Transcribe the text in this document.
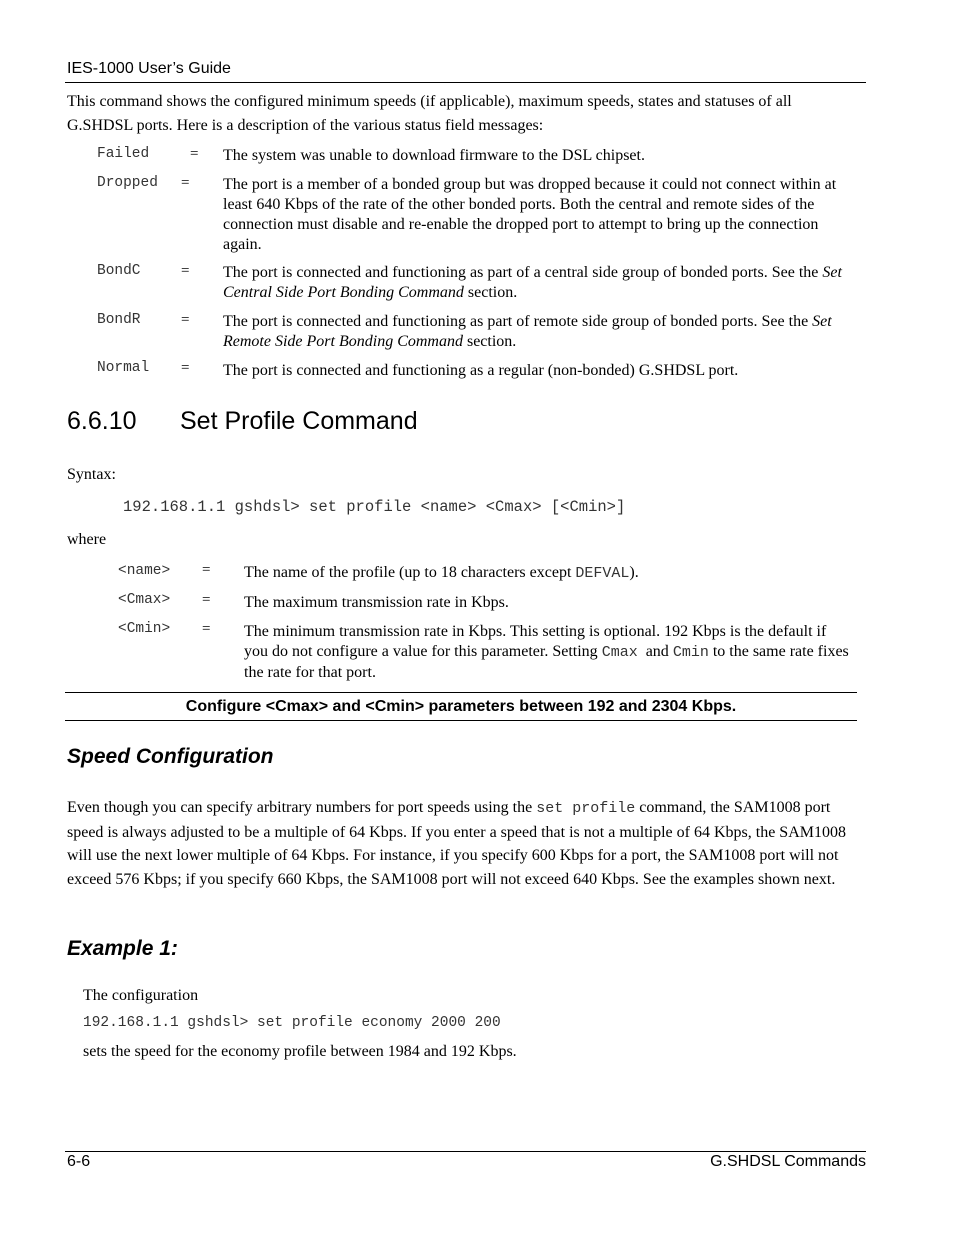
IES-1000 User’s Guide
This command shows the configured minimum speeds (if applicable), maximum speeds, states and statuses of all G.SHDSL ports. Here is a description of the various status field messages:
Failed	= The system was unable to download firmware to the DSL chipset.
Dropped = The port is a member of a bonded group but was dropped because it could not connect within at least 640 Kbps of the rate of the other bonded ports. Both the central and remote sides of the connection must disable and re-enable the dropped port to attempt to bring up the connection again.
BondC	= The port is connected and functioning as part of a central side group of bonded ports. See the Set Central Side Port Bonding Command section.
BondR	= The port is connected and functioning as part of remote side group of bonded ports. See the Set Remote Side Port Bonding Command section.
Normal = The port is connected and functioning as a regular (non-bonded) G.SHDSL port.
6.6.10 Set Profile Command
Syntax:
192.168.1.1 gshdsl> set profile <name> <Cmax> [<Cmin>]
where
<name> = The name of the profile (up to 18 characters except DEFVAL).
<Cmax> = The maximum transmission rate in Kbps.
<Cmin> = The minimum transmission rate in Kbps. This setting is optional. 192 Kbps is the default if you do not configure a value for this parameter. Setting Cmax  and Cmin to the same rate fixes the rate for that port.
Configure <Cmax> and <Cmin> parameters between 192 and 2304 Kbps.
Speed Configuration
Even though you can specify arbitrary numbers for port speeds using the set profile command, the SAM1008 port speed is always adjusted to be a multiple of 64 Kbps. If you enter a speed that is not a multiple of 64 Kbps, the SAM1008 will use the next lower multiple of 64 Kbps. For instance, if you specify 600 Kbps for a port, the SAM1008 port will not exceed 576 Kbps; if you specify 660 Kbps, the SAM1008 port will not exceed 640 Kbps. See the examples shown next.
Example 1:
The configuration
192.168.1.1 gshdsl> set profile economy 2000 200
sets the speed for the economy profile between 1984 and 192 Kbps.
6-6	G.SHDSL Commands
